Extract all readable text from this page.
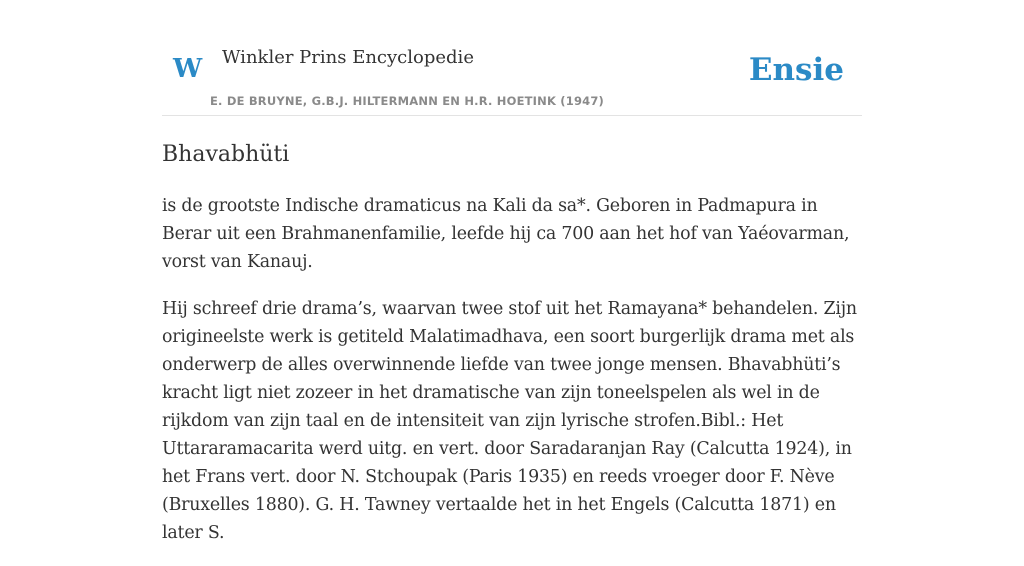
W Winkler Prins Encyclopedie
E. DE BRUYNE, G.B.J. HILTERMANN EN H.R. HOETINK (1947)
Ensie
Bhavabhüti

is de grootste Indische dramaticus na Kali da sa*. Geboren in Padmapura in Berar uit een Brahmanenfamilie, leefde hij ca 700 aan het hof van Yaéovarman, vorst van Kanauj.

Hij schreef drie drama’s, waarvan twee stof uit het Ramayana* behandelen. Zijn origineelste werk is getiteld Malatimadhava, een soort burgerlijk drama met als onderwerp de alles overwinnende liefde van twee jonge mensen. Bhavabhüti’s kracht ligt niet zozeer in het dramatische van zijn toneelspelen als wel in de rijkdom van zijn taal en de intensiteit van zijn lyrische strofen.Bibl.: Het Uttararamacarita werd uitg. en vert. door Saradaranjan Ray (Calcutta 1924), in het Frans vert. door N. Stchoupak (Paris 1935) en reeds vroeger door F. Nève (Bruxelles 1880). G. H. Tawney vertaalde het in het Engels (Calcutta 1871) en later S.
